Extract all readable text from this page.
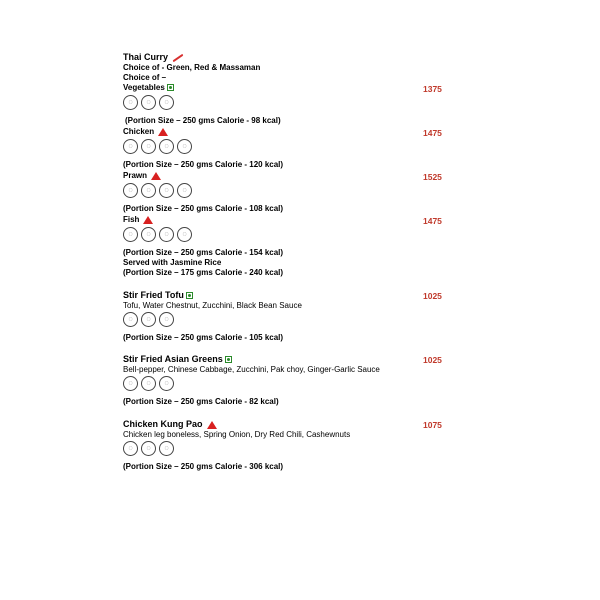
Thai Curry
Choice of - Green, Red & Massaman
Choice of –
Vegetables	1375
◌	◌	◌
(Portion Size – 250 gms Calorie - 98 kcal)
Chicken	1475
◌	◌	◌	◌
(Portion Size – 250 gms Calorie - 120 kcal)
Prawn	1525
◌	◌	◌	◌
(Portion Size – 250 gms Calorie - 108 kcal)
Fish	1475
◌	◌	◌	◌
(Portion Size – 250 gms Calorie - 154 kcal)
Served with Jasmine Rice
(Portion Size – 175 gms Calorie - 240 kcal)
Stir Fried Tofu	1025
Tofu, Water Chestnut, Zucchini, Black Bean Sauce
◌	◌	◌
(Portion Size – 250 gms Calorie - 105 kcal)
Stir Fried Asian Greens	1025
Bell-pepper, Chinese Cabbage, Zucchini, Pak choy, Ginger-Garlic Sauce
◌	◌	◌
(Portion Size – 250 gms Calorie - 82 kcal)
Chicken Kung Pao	1075
Chicken leg boneless, Spring Onion, Dry Red Chili, Cashewnuts
◌	◌	◌
(Portion Size – 250 gms Calorie - 306 kcal)
